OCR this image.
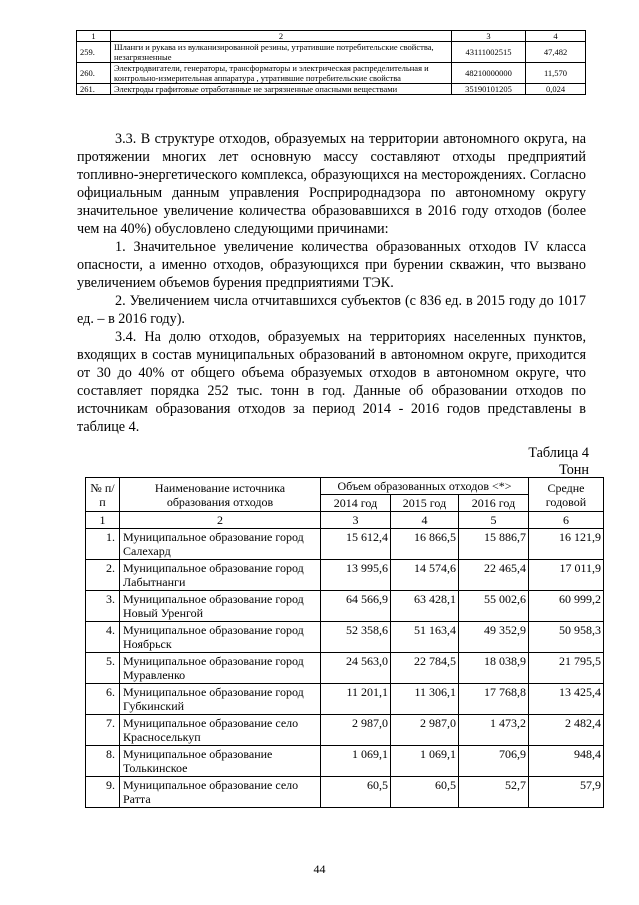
1	2	3	4
259.	Шланги и рукава из вулканизированной резины, утратившие потребительские свойства, незагрязненные	43111002515	47,482
260.	Электродвигатели, генераторы, трансформаторы и электрическая распределительная и контрольно-измерительная аппаратура , утратившие потребительские свойства	48210000000	11,570
261.	Электроды графитовые отработанные не загрязненные опасными веществами	35190101205	0,024

3.3. В структуре отходов, образуемых на территории автономного округа, на протяжении многих лет основную массу составляют отходы предприятий топливно-энергетического комплекса, образующихся на месторождениях. Согласно официальным данным управления Росприроднадзора по автономному округу значительное увеличение количества образовавшихся в 2016 году отходов (более чем на 40%) обусловлено следующими причинами:

1. Значительное увеличение количества образованных отходов IV класса опасности, а именно отходов, образующихся при бурении скважин, что вызвано увеличением объемов бурения предприятиями ТЭК.

2. Увеличением числа отчитавшихся субъектов (с 836 ед. в 2015 году до 1017 ед. – в 2016 году).

3.4. На долю отходов, образуемых на территориях населенных пунктов, входящих в состав муниципальных образований в автономном округе, приходится от 30 до 40% от общего объема образуемых отходов в автономном округе, что составляет порядка 252 тыс. тонн в год. Данные об образовании отходов по источникам образования отходов за период 2014 - 2016 годов представлены в таблице 4.

Таблица 4
Тонн
№ п/п	Наименование источника образования отходов	Объем образованных отходов <*>			Средне годовой
		2014 год	2015 год	2016 год	
1	2	3	4	5	6
1.	Муниципальное образование город Салехард	15 612,4	16 866,5	15 886,7	16 121,9
2.	Муниципальное образование город Лабытнанги	13 995,6	14 574,6	22 465,4	17 011,9
3.	Муниципальное образование город Новый Уренгой	64 566,9	63 428,1	55 002,6	60 999,2
4.	Муниципальное образование город Ноябрьск	52 358,6	51 163,4	49 352,9	50 958,3
5.	Муниципальное образование город Муравленко	24 563,0	22 784,5	18 038,9	21 795,5
6.	Муниципальное образование город Губкинский	11 201,1	11 306,1	17 768,8	13 425,4
7.	Муниципальное образование село Красноселькуп	2 987,0	2 987,0	1 473,2	2 482,4
8.	Муниципальное образование Толькинское	1 069,1	1 069,1	706,9	948,4
9.	Муниципальное образование село Ратта	60,5	60,5	52,7	57,9
44
